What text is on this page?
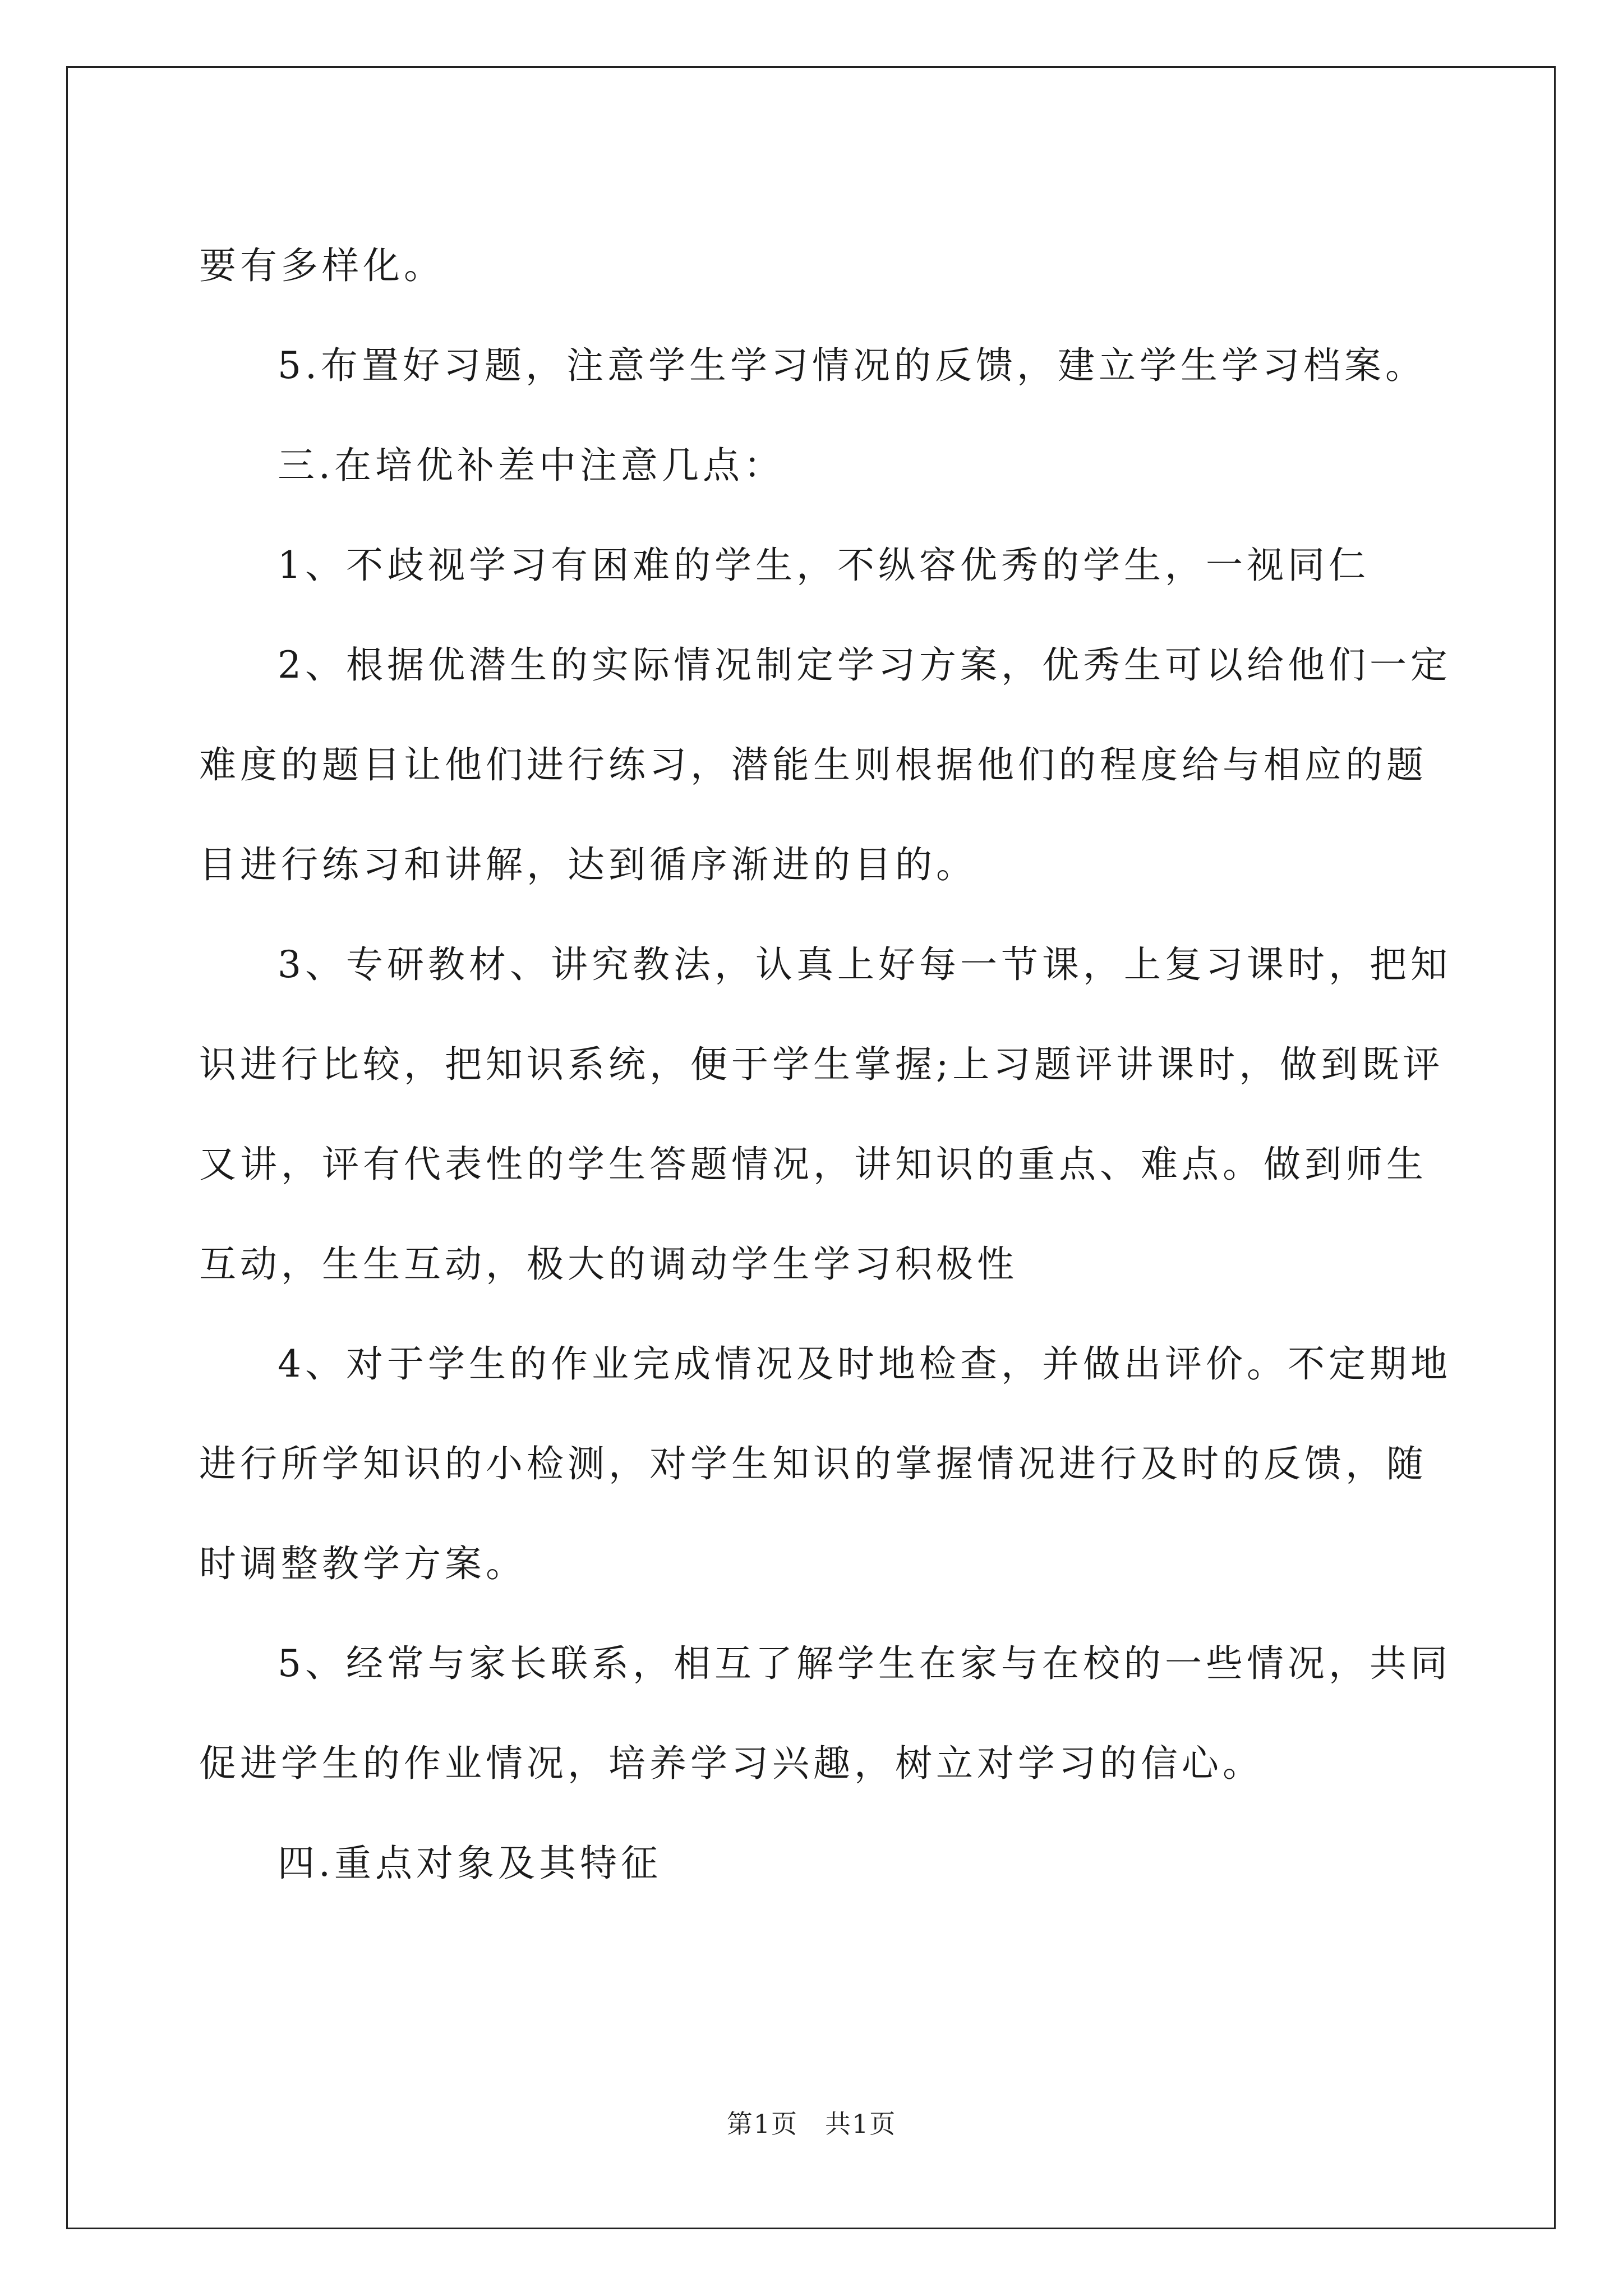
要有多样化。

5.布置好习题，注意学生学习情况的反馈，建立学生学习档案。

三.在培优补差中注意几点：

1、不歧视学习有困难的学生，不纵容优秀的学生，一视同仁

2、根据优潜生的实际情况制定学习方案，优秀生可以给他们一定

难度的题目让他们进行练习，潜能生则根据他们的程度给与相应的题

目进行练习和讲解，达到循序渐进的目的。

3、专研教材、讲究教法，认真上好每一节课，上复习课时，把知

识进行比较，把知识系统，便于学生掌握;上习题评讲课时，做到既评

又讲，评有代表性的学生答题情况，讲知识的重点、难点。做到师生

互动，生生互动，极大的调动学生学习积极性

4、对于学生的作业完成情况及时地检查，并做出评价。不定期地

进行所学知识的小检测，对学生知识的掌握情况进行及时的反馈，随

时调整教学方案。

5、经常与家长联系，相互了解学生在家与在校的一些情况，共同

促进学生的作业情况，培养学习兴趣，树立对学习的信心。

四.重点对象及其特征

第1页　共1页
